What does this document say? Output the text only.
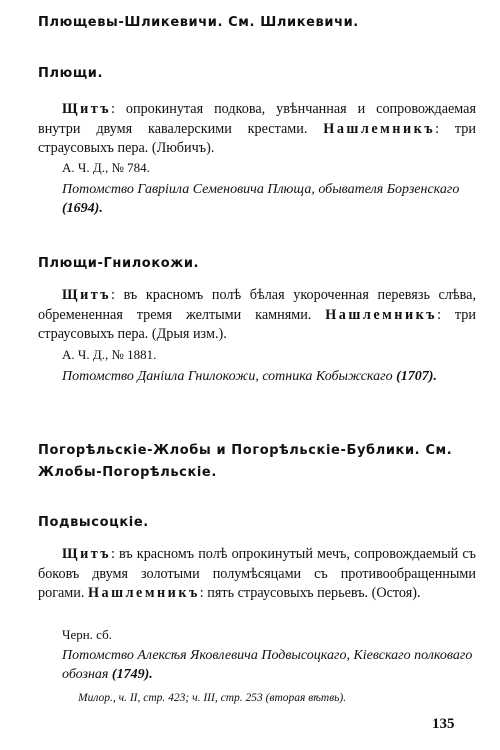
Плющевы-Шликевичи. См. Шликевичи.
Плющи.
Щитъ: опрокинутая подкова, увѣнчанная и сопровождаемая внутри двумя кавалерскими крестами. Нашлемникъ: три страусовыхъ пера. (Любичъ).
А. Ч. Д., № 784.
Потомство Гавріила Семеновича Плюща, обывателя Борзенскаго (1694).
Плющи-Гнилокожи.
Щитъ: въ красномъ полѣ бѣлая укороченная перевязь слѣва, обремененная тремя желтыми камнями. Нашлемникъ: три страусовыхъ пера. (Дрыя изм.).
А. Ч. Д., № 1881.
Потомство Данiила Гнилокожи, сотника Кобыжскаго (1707).
Погорѣльскiе-Жлобы и Погорѣльскiе-Бублики. См. Жлобы-Погорѣльскiе.
Подвысоцкiе.
Щитъ: въ красномъ полѣ опрокинутый мечъ, сопровождаемый съ боковъ двумя золотыми полумѣсяцами съ противообращенными рогами. Нашлемникъ: пять страусовыхъ перьевъ. (Остоя).
Черн. сб.
Потомство Алексѣя Яковлевича Подвысоцкаго, Кіевскаго полковаго обозная (1749).
Милор., ч. II, стр. 423; ч. III, стр. 253 (вторая вѣтвь).
135
